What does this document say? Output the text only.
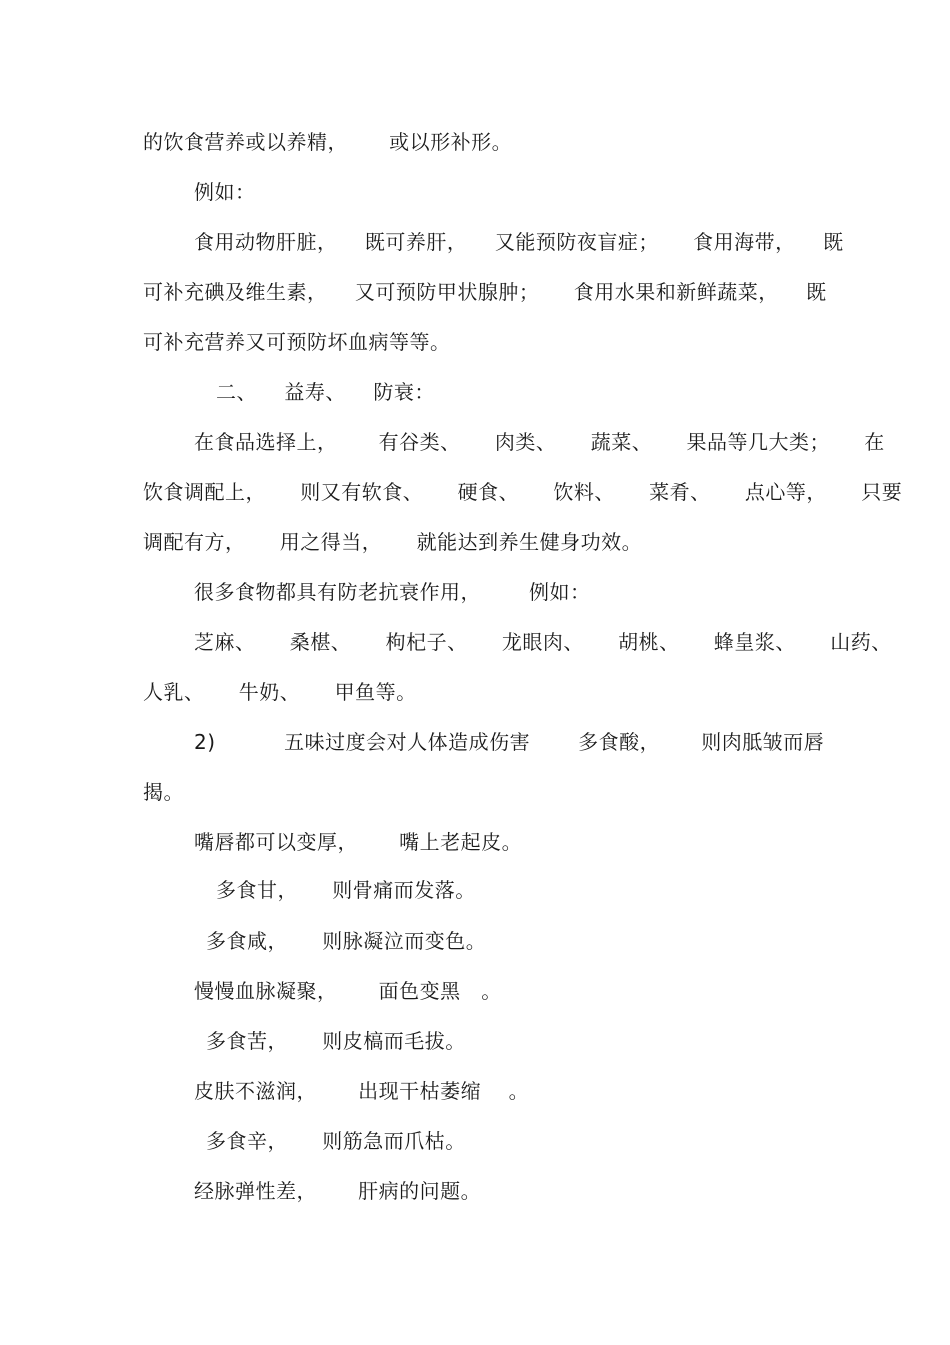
的饮食营养或以养精，      或以形补形。
例如：
食用动物肝脏，    既可养肝，    又能预防夜盲症；     食用海带，    既
可补充碘及维生素，    又可预防甲状腺肿；     食用水果和新鲜蔬菜，    既
可补充营养又可预防坏血病等等。
二、    益寿、    防衰：
在食品选择上，      有谷类、     肉类、     蔬菜、     果品等几大类；     在
饮食调配上，     则又有软食、     硬食、     饮料、     菜肴、     点心等，     只要
调配有方，     用之得当，     就能达到养生健身功效。
很多食物都具有防老抗衰作用，       例如：
芝麻、     桑椹、     枸杞子、     龙眼肉、     胡桃、     蜂皇浆、     山药、
人乳、     牛奶、     甲鱼等。
2)          五味过度会对人体造成伤害       多食酸，      则肉胝皱而唇
揭。
嘴唇都可以变厚，      嘴上老起皮。
多食甘，     则骨痛而发落。
多食咸，     则脉凝泣而变色。
慢慢血脉凝聚，      面色变黑   。
多食苦，     则皮槁而毛拔。
皮肤不滋润，      出现干枯萎缩    。
多食辛，     则筋急而爪枯。
经脉弹性差，      肝病的问题。
